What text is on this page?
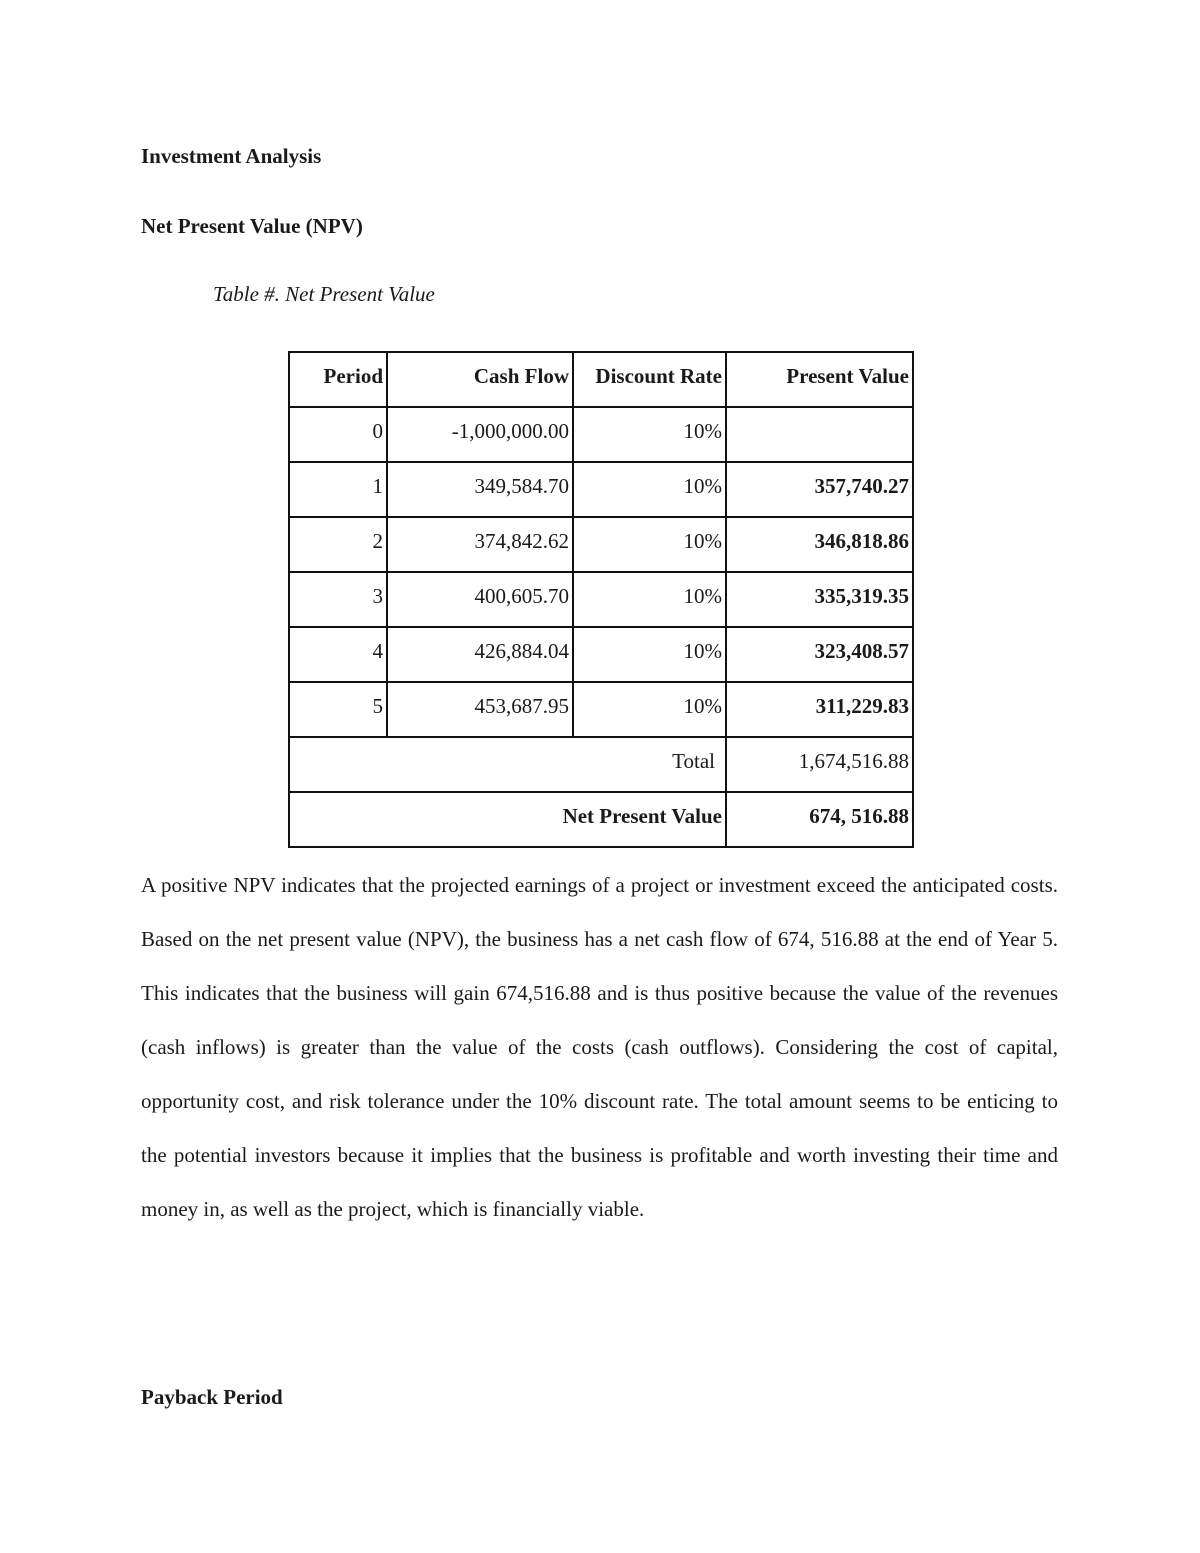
Investment Analysis
Net Present Value (NPV)

Table #. Net Present Value

Period	Cash Flow	Discount Rate	Present Value
0	-1,000,000.00	10%	
1	349,584.70	10%	357,740.27
2	374,842.62	10%	346,818.86
3	400,605.70	10%	335,319.35
4	426,884.04	10%	323,408.57
5	453,687.95	10%	311,229.83
Total			1,674,516.88
Net Present Value			674, 516.88

A positive NPV indicates that the projected earnings of a project or investment exceed the anticipated costs. Based on the net present value (NPV), the business has a net cash flow of 674, 516.88 at the end of Year 5. This indicates that the business will gain 674,516.88 and is thus positive because the value of the revenues (cash inflows) is greater than the value of the costs (cash outflows). Considering the cost of capital, opportunity cost, and risk tolerance under the 10% discount rate. The total amount seems to be enticing to the potential investors because it implies that the business is profitable and worth investing their time and money in, as well as the project, which is financially viable.

Payback Period
